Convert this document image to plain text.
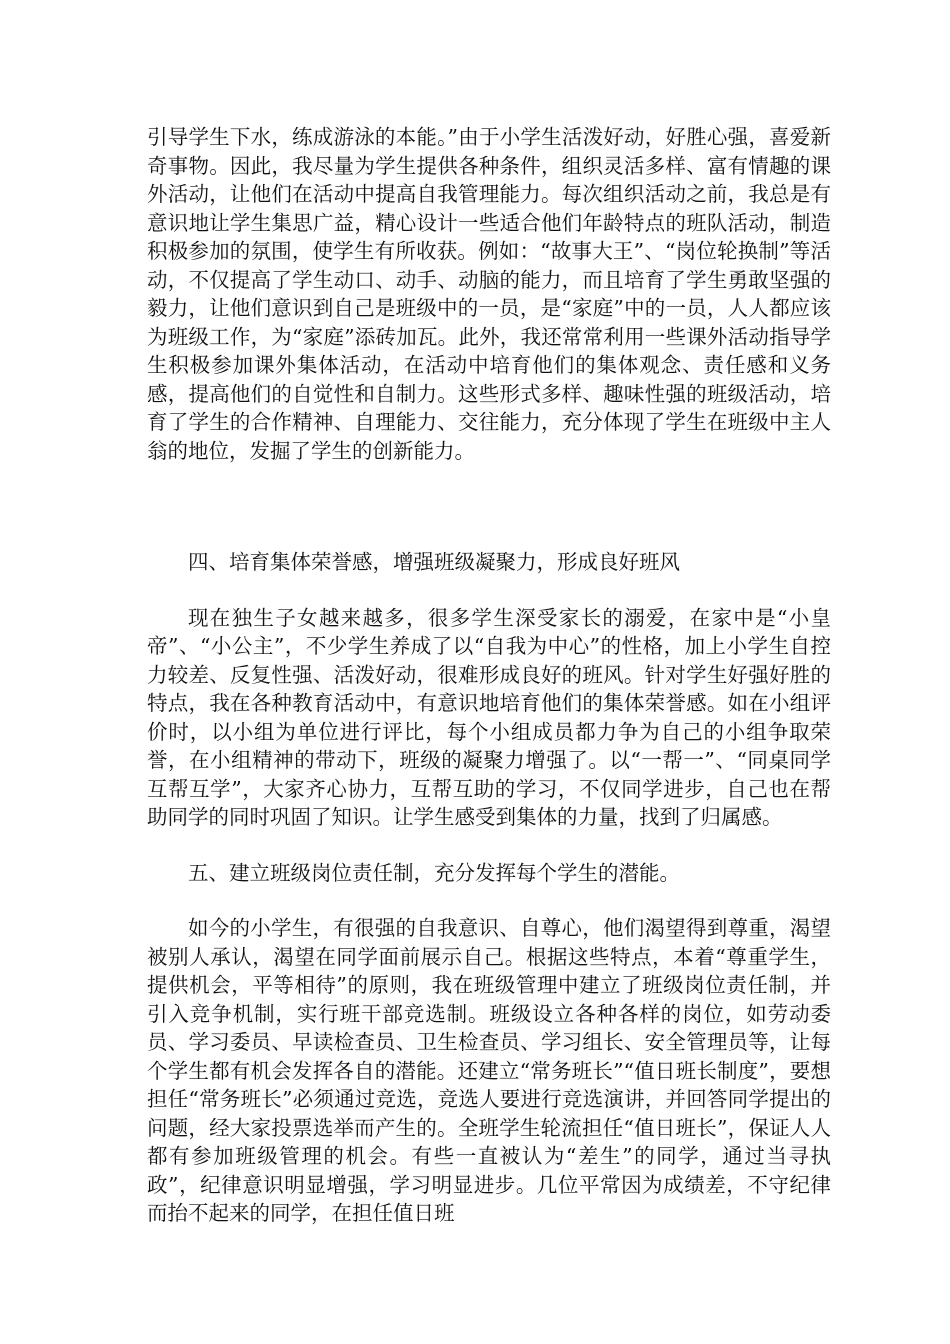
引导学生下水，练成游泳的本能。”由于小学生活泼好动，好胜心强，喜爱新奇事物。因此，我尽量为学生提供各种条件，组织灵活多样、富有情趣的课外活动，让他们在活动中提高自我管理能力。每次组织活动之前，我总是有意识地让学生集思广益，精心设计一些适合他们年龄特点的班队活动，制造积极参加的氛围，使学生有所收获。例如：“故事大王”、“岗位轮换制”等活动，不仅提高了学生动口、动手、动脑的能力，而且培育了学生勇敢坚强的毅力，让他们意识到自己是班级中的一员，是“家庭”中的一员，人人都应该为班级工作，为“家庭”添砖加瓦。此外，我还常常利用一些课外活动指导学生积极参加课外集体活动，在活动中培育他们的集体观念、责任感和义务感，提高他们的自觉性和自制力。这些形式多样、趣味性强的班级活动，培育了学生的合作精神、自理能力、交往能力，充分体现了学生在班级中主人翁的地位，发掘了学生的创新能力。

四、培育集体荣誉感，增强班级凝聚力，形成良好班风

现在独生子女越来越多，很多学生深受家长的溺爱，在家中是“小皇帝”、“小公主”，不少学生养成了以“自我为中心”的性格，加上小学生自控力较差、反复性强、活泼好动，很难形成良好的班风。针对学生好强好胜的特点，我在各种教育活动中，有意识地培育他们的集体荣誉感。如在小组评价时，以小组为单位进行评比，每个小组成员都力争为自己的小组争取荣誉，在小组精神的带动下，班级的凝聚力增强了。以“一帮一”、“同桌同学互帮互学”，大家齐心协力，互帮互助的学习，不仅同学进步，自己也在帮助同学的同时巩固了知识。让学生感受到集体的力量，找到了归属感。

五、建立班级岗位责任制，充分发挥每个学生的潜能。

如今的小学生，有很强的自我意识、自尊心，他们渴望得到尊重，渴望被别人承认，渴望在同学面前展示自己。根据这些特点，本着“尊重学生，提供机会，平等相待”的原则，我在班级管理中建立了班级岗位责任制，并引入竞争机制，实行班干部竞选制。班级设立各种各样的岗位，如劳动委员、学习委员、早读检查员、卫生检查员、学习组长、安全管理员等，让每个学生都有机会发挥各自的潜能。还建立“常务班长”“值日班长制度”，要想担任“常务班长”必须通过竞选，竞选人要进行竞选演讲，并回答同学提出的问题，经大家投票选举而产生的。全班学生轮流担任“值日班长”，保证人人都有参加班级管理的机会。有些一直被认为“差生”的同学，通过当寻执政”，纪律意识明显增强，学习明显进步。几位平常因为成绩差，不守纪律而抬不起来的同学，在担任值日班
